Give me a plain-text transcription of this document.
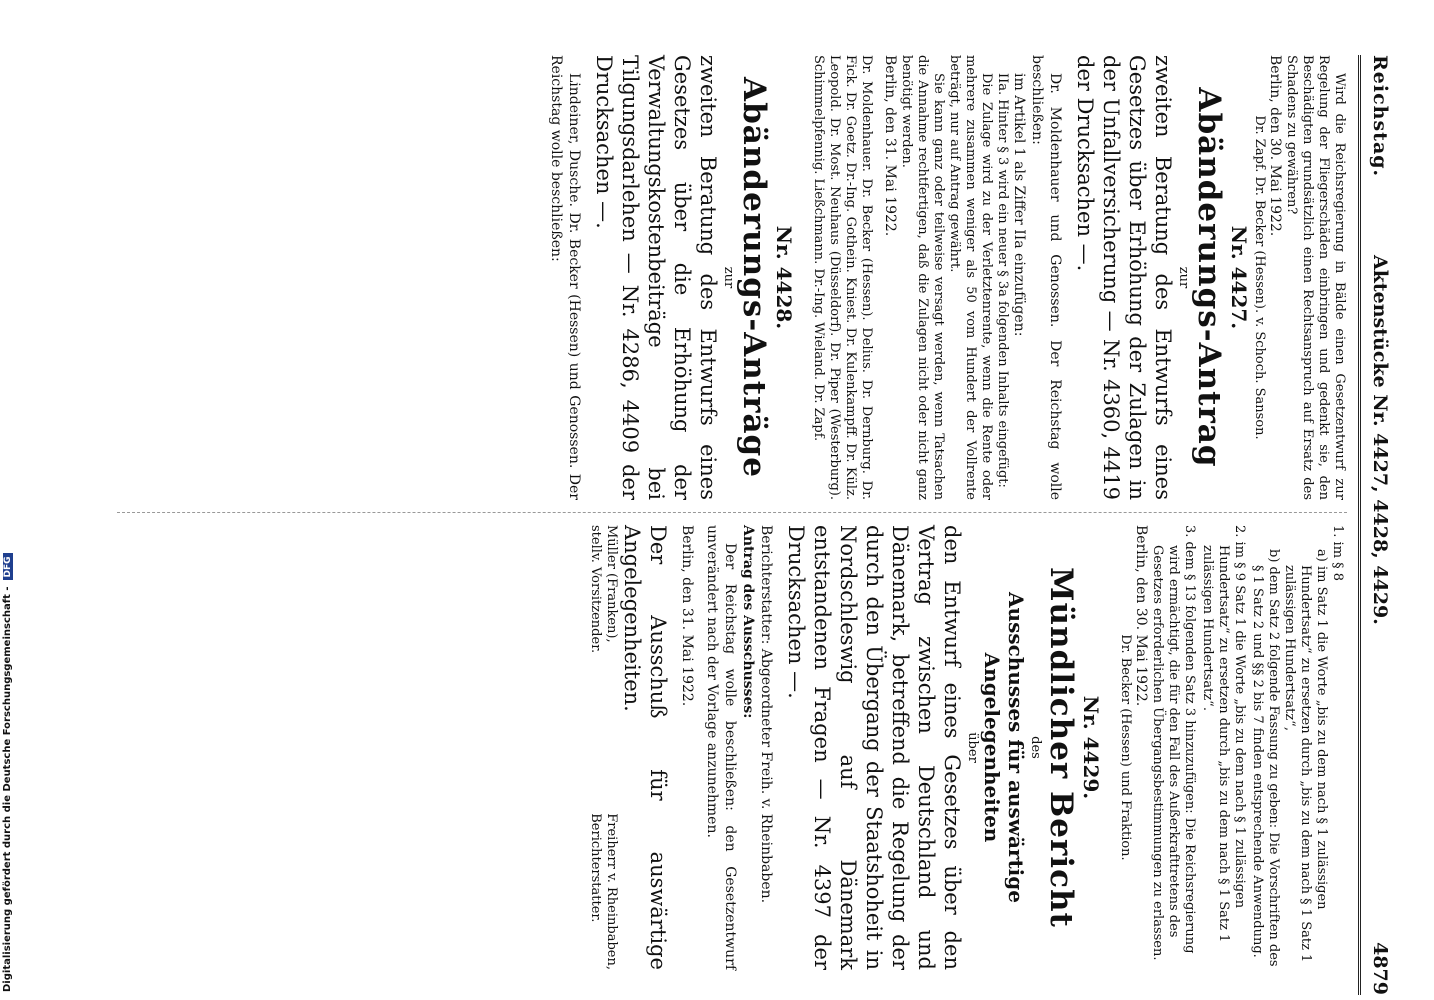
Reichstag.
Aktenstücke Nr. 4427, 4428, 4429.
4879

Wird die Reichsregierung in Bälde einen Gesetzentwurf zur Regelung der Fliegerschäden einbringen und gedenkt sie, den Beschädigten grundsätzlich einen Rechtsanspruch auf Ersatz des Schadens zu gewähren?

Berlin, den 30. Mai 1922.

Dr. Zapf. Dr. Becker (Hessen). v. Schoch. Sanson.

Nr. 4427.

Abänderungs-Antrag

zur

zweiten Beratung des Entwurfs eines Gesetzes über Erhöhung der Zulagen in der Unfallversicherung — Nr. 4360, 4419 der Drucksachen —.

Dr. Moldenhauer und Genossen. Der Reichstag wolle beschließen:

im Artikel 1 als Ziffer IIa einzufügen:

IIa. Hinter § 3 wird ein neuer § 3a folgenden Inhalts eingefügt:

Die Zulage wird zu der Verletztenrente, wenn die Rente oder mehrere zusammen weniger als 50 vom Hundert der Vollrente beträgt, nur auf Antrag gewährt.

Sie kann ganz oder teilweise versagt werden, wenn Tatsachen die Annahme rechtfertigen, daß die Zulagen nicht oder nicht ganz benötigt werden.

Berlin, den 31. Mai 1922.

Dr. Moldenhauer. Dr. Becker (Hessen). Delius. Dr. Dernburg. Dr. Fick. Dr. Goetz. Dr.-Ing. Gothein. Kniest. Dr. Kulenkampff. Dr. Külz. Leopold. Dr. Most. Neuhaus (Düsseldorf). Dr. Piper (Westerburg). Schimmelpfennig. Ließchmann. Dr.-Ing. Wieland. Dr. Zapf.

Nr. 4428.

Abänderungs-Anträge

zur

zweiten Beratung des Entwurfs eines Gesetzes über die Erhöhung der Verwaltungskostenbeiträge bei Tilgungsdarlehen — Nr. 4286, 4409 der Drucksachen —.

Lindeiner, Dusche. Dr. Becker (Hessen) und Genossen. Der Reichstag wolle beschließen:

1. im § 8

a) im Satz 1 die Worte „bis zu dem nach § 1 zulässigen Hundertsatz“ zu ersetzen durch „bis zu dem nach § 1 Satz 1 zulässigen Hundertsatz“,

b) dem Satz 2 folgende Fassung zu geben: Die Vorschriften des § 1 Satz 2 und §§ 2 bis 7 finden entsprechende Anwendung.

2. im § 9 Satz 1 die Worte „bis zu dem nach § 1 zulässigen Hundertsatz“ zu ersetzen durch „bis zu dem nach § 1 Satz 1 zulässigen Hundertsatz“.

3. dem § 13 folgenden Satz 3 hinzuzufügen: Die Reichsregierung wird ermächtigt, die für den Fall des Außerkrafttretens des Gesetzes erforderlichen Übergangsbestimmungen zu erlassen.

Berlin, den 30. Mai 1922.

Dr. Becker (Hessen) und Fraktion.

Nr. 4429.

Mündlicher Bericht

des

Ausschusses für auswärtige Angelegenheiten

über

den Entwurf eines Gesetzes über den Vertrag zwischen Deutschland und Dänemark, betreffend die Regelung der durch den Übergang der Staatshoheit in Nordschleswig auf Dänemark entstandenen Fragen — Nr. 4397 der Drucksachen —.

Berichterstatter: Abgeordneter Freih. v. Rheinbaben.

Antrag des Ausschusses:

Der Reichstag wolle beschließen: den Gesetzentwurf unverändert nach der Vorlage anzunehmen.

Berlin, den 31. Mai 1922.

Der Ausschuß für auswärtige Angelegenheiten.

Müller (Franken),

stellv. Vorsitzender.

Freiherr v. Rheinbaben,

Berichterstatter.

Digitalisierung gefördert durch die Deutsche Forschungsgemeinschaft -DFG
